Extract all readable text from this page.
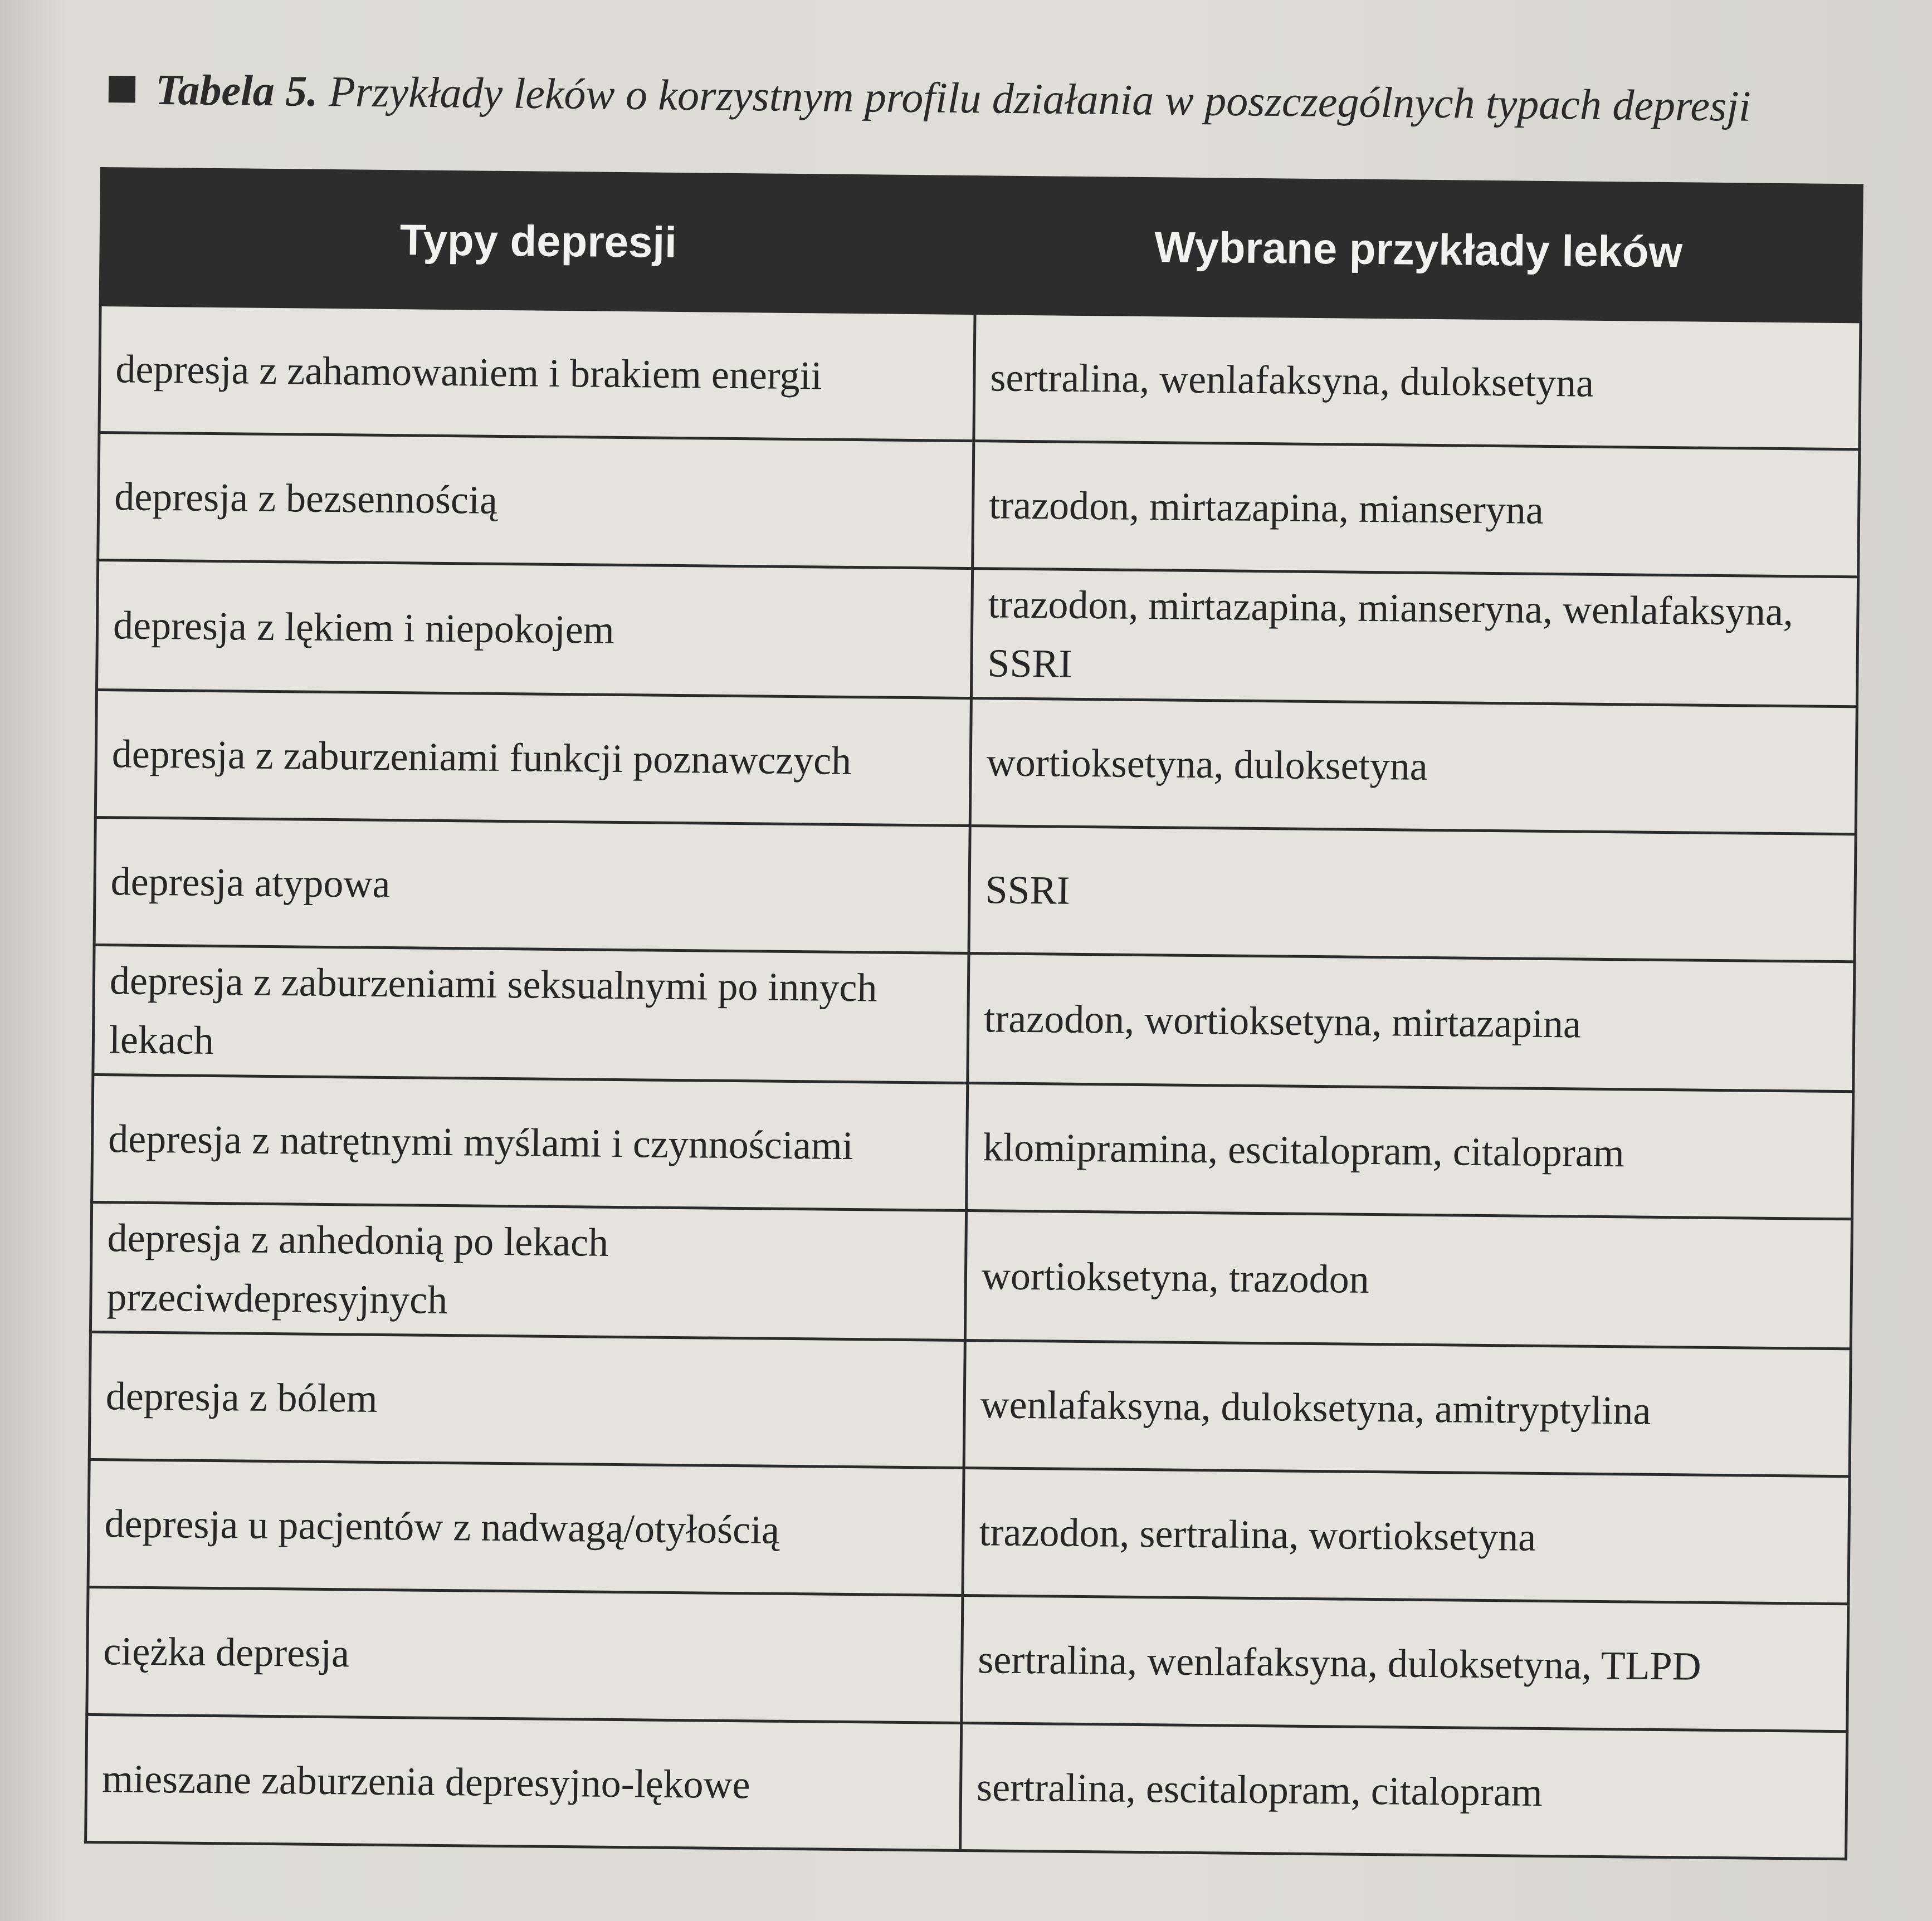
Tabela 5. Przykłady leków o korzystnym profilu działania w poszczególnych typach depresji
Typy depresji	Wybrane przykłady leków
depresja z zahamowaniem i brakiem energii	sertralina, wenlafaksyna, duloksetyna
depresja z bezsennością	trazodon, mirtazapina, mianseryna
depresja z lękiem i niepokojem	trazodon, mirtazapina, mianseryna, wenlafaksyna, SSRI
depresja z zaburzeniami funkcji poznawczych	wortioksetyna, duloksetyna
depresja atypowa	SSRI
depresja z zaburzeniami seksualnymi po innych lekach	trazodon, wortioksetyna, mirtazapina
depresja z natrętnymi myślami i czynnościami	klomipramina, escitalopram, citalopram
depresja z anhedonią po lekach przeciwdepresyjnych	wortioksetyna, trazodon
depresja z bólem	wenlafaksyna, duloksetyna, amitryptylina
depresja u pacjentów z nadwagą/otyłością	trazodon, sertralina, wortioksetyna
ciężka depresja	sertralina, wenlafaksyna, duloksetyna, TLPD
mieszane zaburzenia depresyjno-lękowe	sertralina, escitalopram, citalopram
